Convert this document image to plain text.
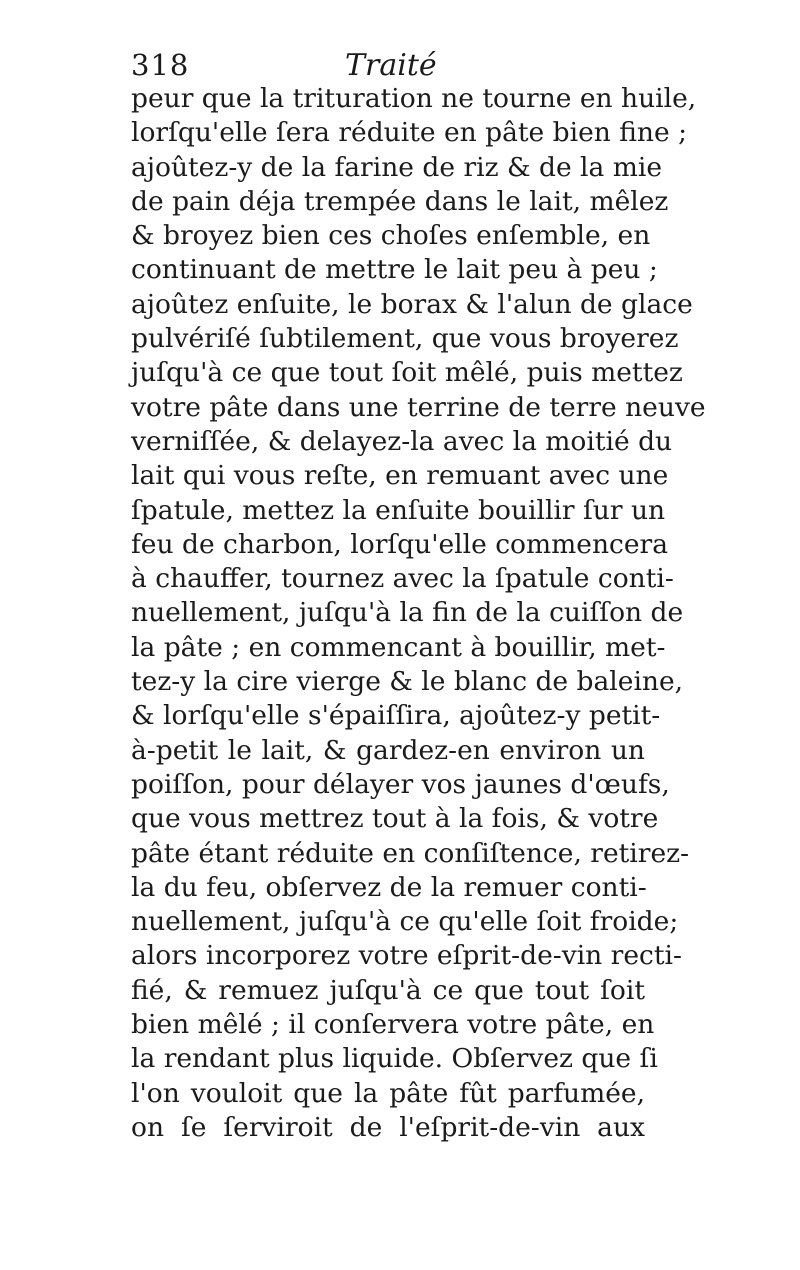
318	Traité
peur que la trituration ne tourne en huile,
lorſqu'elle ſera réduite en pâte bien fine ;
ajoûtez-y de la farine de riz & de la mie
de pain déja trempée dans le lait, mêlez
& broyez bien ces choſes enſemble, en
continuant de mettre le lait peu à peu ;
ajoûtez enſuite, le borax & l'alun de glace
pulvériſé ſubtilement, que vous broyerez
juſqu'à ce que tout ſoit mêlé, puis mettez
votre pâte dans une terrine de terre neuve
verniſſée, & delayez-la avec la moitié du
lait qui vous reſte, en remuant avec une
ſpatule, mettez la enſuite bouillir ſur un
feu de charbon, lorſqu'elle commencera
à chauffer, tournez avec la ſpatule conti-
nuellement, juſqu'à la fin de la cuiſſon de
la pâte ; en commencant à bouillir, met-
tez-y la cire vierge & le blanc de baleine,
& lorſqu'elle s'épaiſſira, ajoûtez-y petit-
à-petit le lait, & gardez-en environ un
poiſſon, pour délayer vos jaunes d'œufs,
que vous mettrez tout à la fois, & votre
pâte étant réduite en conſiſtence, retirez-
la du feu, obſervez de la remuer conti-
nuellement, juſqu'à ce qu'elle ſoit froide;
alors incorporez votre eſprit-de-vin recti-
fié, & remuez juſqu'à ce que tout ſoit
bien mêlé ; il conſervera votre pâte, en
la rendant plus liquide. Obſervez que ſi
l'on vouloit que la pâte fût parfumée,
on ſe ſerviroit de l'eſprit-de-vin aux
